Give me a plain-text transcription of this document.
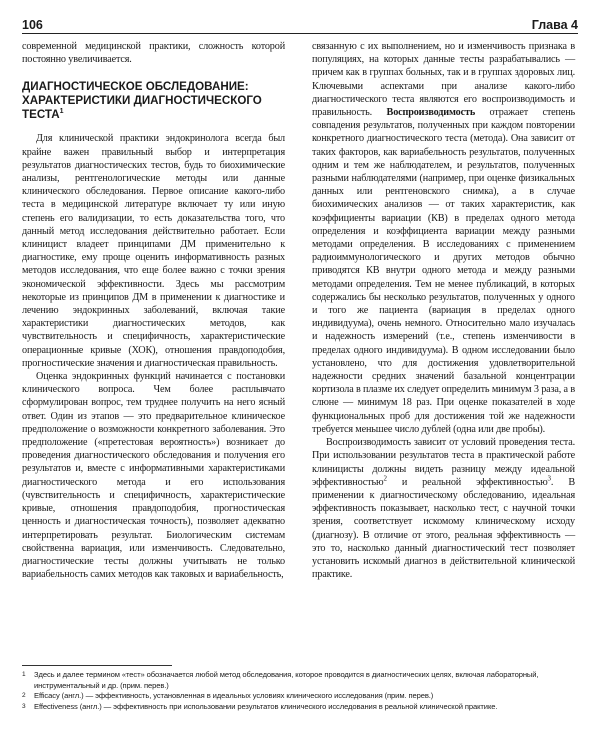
106	Глава 4

современной медицинской практики, сложность которой постоянно увеличивается.

ДИАГНОСТИЧЕСКОЕ ОБСЛЕДОВАНИЕ: ХАРАКТЕРИСТИКИ ДИАГНОСТИЧЕСКОГО ТЕСТА$^1$

Для клинической практики эндокринолога всегда был крайне важен правильный выбор и интерпретация результатов диагностических тестов, будь то биохимические анализы, рентгенологические методы или данные клинического обследования. Первое описание какого-либо теста в медицинской литературе включает ту или иную степень его валидизации, то есть доказательства того, что данный метод исследования действительно работает. Если клиницист владеет принципами ДМ применительно к диагностике, ему проще оценить информативность разных методов исследования, что еще более важно с точки зрения экономической эффективности. Здесь мы рассмотрим некоторые из принципов ДМ в применении к диагностике и лечению эндокринных заболеваний, включая такие характеристики диагностических методов, как чувствительность и специфичность, характеристические операционные кривые (ХОК), отношения правдоподобия, прогностические значения и диагностическая правильность.

Оценка эндокринных функций начинается с постановки клинического вопроса. Чем более расплывчато сформулирован вопрос, тем труднее получить на него ясный ответ. Один из этапов — это предварительное клиническое предположение о возможности конкретного заболевания. Это предположение («претестовая вероятность») возникает до проведения диагностического обследования и получения его результатов и, вместе с информативными характеристиками диагностического метода и его использования (чувствительность и специфичность, характеристические кривые, отношения правдоподобия, прогностическая ценность и диагностическая точность), позволяет адекватно интерпретировать результат. Биологическим системам свойственна вариация, или изменчивость. Следовательно, диагностические тесты должны учитывать не только вариабельность самих методов как таковых и вариабельность,

связанную с их выполнением, но и изменчивость признака в популяциях, на которых данные тесты разрабатывались — причем как в группах больных, так и в группах здоровых лиц. Ключевыми аспектами при анализе какого-либо диагностического теста являются его воспроизводимость и правильность. Воспроизводимость отражает степень совпадения результатов, полученных при каждом повторении конкретного диагностического теста (метода). Она зависит от таких факторов, как вариабельность результатов, полученных одним и тем же наблюдателем, и результатов, полученных разными наблюдателями (например, при оценке физикальных данных или рентгеновского снимка), а в случае биохимических анализов — от таких характеристик, как коэффициенты вариации (КВ) в пределах одного метода определения и коэффициента вариации между разными методами определения. В исследованиях с применением радиоиммунологического и других методов обычно приводятся КВ внутри одного метода и между разными методами определения. Тем не менее публикаций, в которых содержались бы несколько результатов, полученных у одного и того же пациента (вариация в пределах одного индивидуума), очень немного. Относительно мало изучалась и надежность измерений (т.е., степень изменчивости в пределах одного индивидуума). В одном исследовании было установлено, что для достижения удовлетворительной надежности средних значений базальной концентрации кортизола в плазме их следует определить минимум 3 раза, а в слюне — минимум 18 раз. При оценке показателей в ходе функциональных проб для достижения той же надежности требуется меньшее число дублей (одна или две пробы).

Воспроизводимость зависит от условий проведения теста. При использовании результатов теста в практической работе клиницисты должны видеть разницу между идеальной эффективностью$^2$ и реальной эффективностью$^3$. В применении к диагностическому обследованию, идеальная эффективность показывает, насколько тест, с научной точки зрения, соответствует искомому клиническому исходу (диагнозу). В отличие от этого, реальная эффективность — это то, насколько данный диагностический тест позволяет установить искомый диагноз в действительной клинической практике.

1	Здесь и далее термином «тест» обозначается любой метод обследования, которое проводится в диагностических целях, включая лабораторный, инструментальный и др. (прим. перев.)
2	Efficacy (англ.) — эффективность, установленная в идеальных условиях клинического исследования (прим. перев.)
3	Effectiveness (англ.) — эффективность при использовании результатов клинического исследования в реальной клинической практике.
